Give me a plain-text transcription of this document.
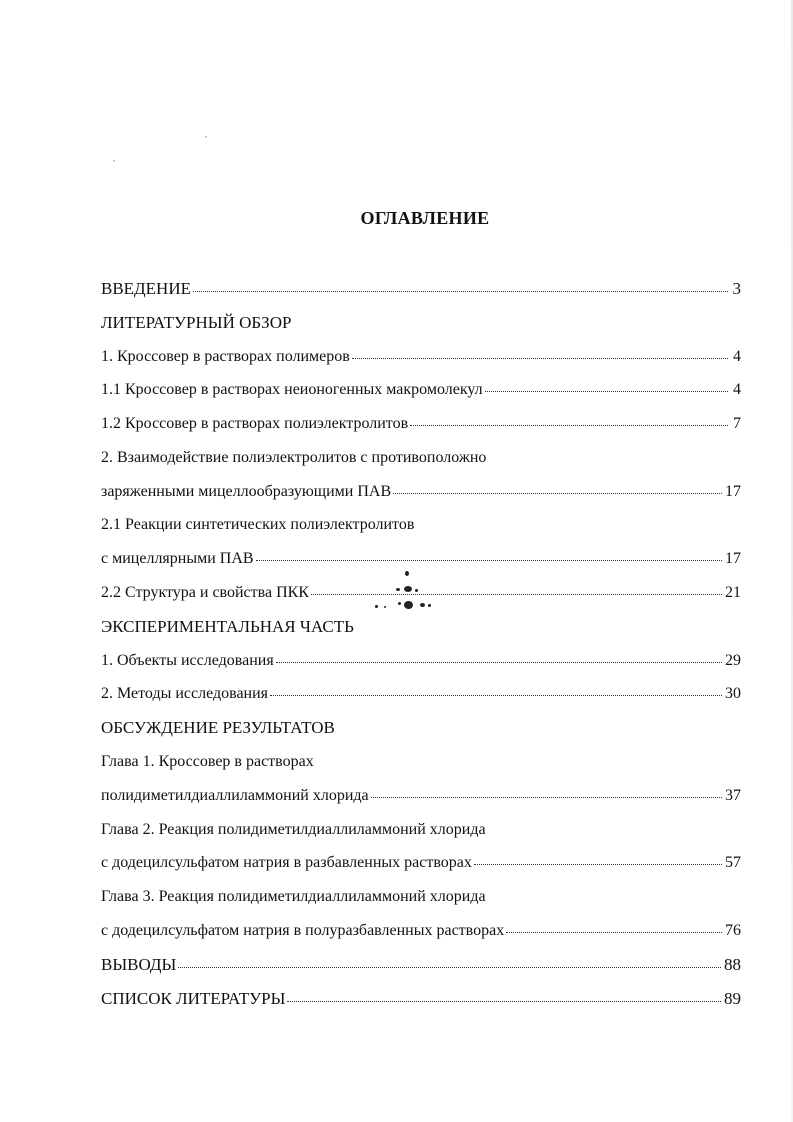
ОГЛАВЛЕНИЕ
ВВЕДЕНИЕ	3
ЛИТЕРАТУРНЫЙ ОБЗОР
1. Кроссовер в растворах полимеров	4
1.1 Кроссовер в растворах неионогенных макромолекул	4
1.2 Кроссовер в растворах полиэлектролитов	7
2. Взаимодействие полиэлектролитов с противоположно
заряженными мицеллообразующими ПАВ	17
2.1 Реакции синтетических полиэлектролитов
с мицеллярными ПАВ	17
2.2 Структура и свойства ПКК	21
ЭКСПЕРИМЕНТАЛЬНАЯ ЧАСТЬ
1. Объекты исследования	29
2. Методы исследования	30
ОБСУЖДЕНИЕ РЕЗУЛЬТАТОВ
Глава 1. Кроссовер в растворах
полидиметилдиаллиламмоний хлорида	37
Глава 2. Реакция полидиметилдиаллиламмоний хлорида
с додецилсульфатом натрия в разбавленных растворах	57
Глава 3. Реакция полидиметилдиаллиламмоний хлорида
с додецилсульфатом натрия в полуразбавленных растворах	76
ВЫВОДЫ	88
СПИСОК ЛИТЕРАТУРЫ	89
